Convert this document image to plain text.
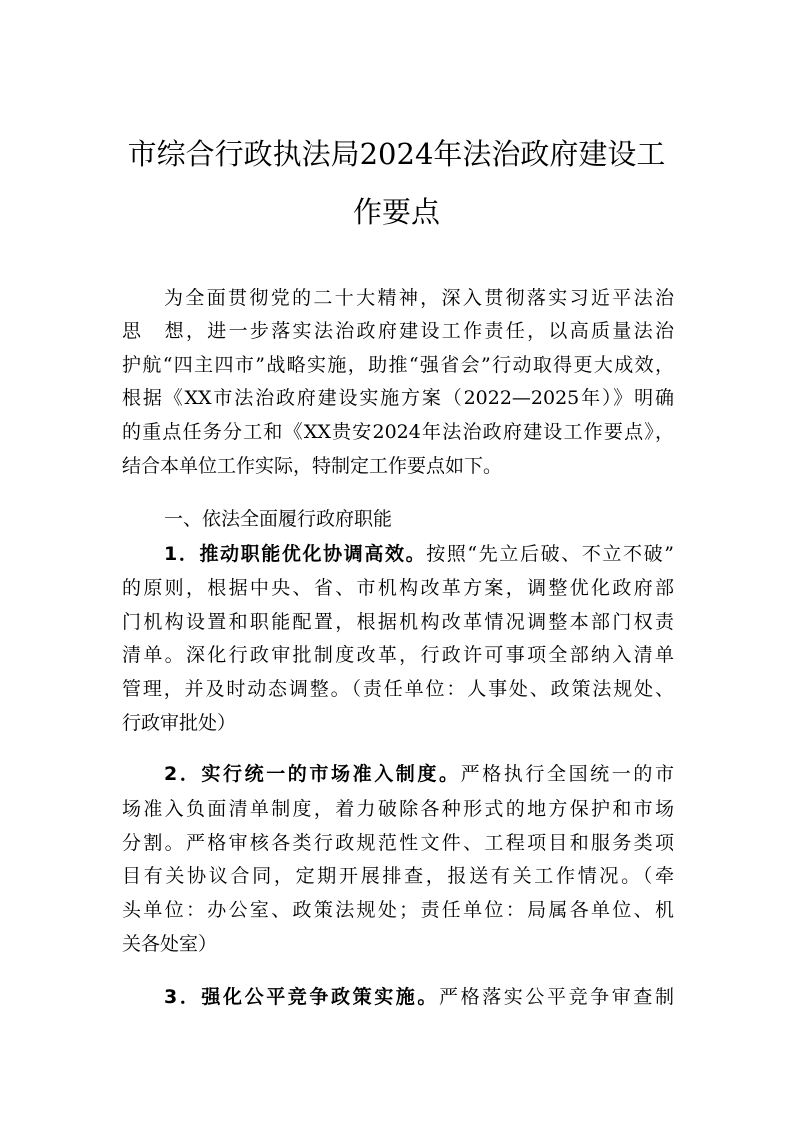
市综合行政执法局2024年法治政府建设工
作要点
为全面贯彻党的二十大精神，深入贯彻落实习近平法治
思　想，进一步落实法治政府建设工作责任，以高质量法治
护航“四主四市”战略实施，助推“强省会”行动取得更大成效，
根据《XX市法治政府建设实施方案（2022—2025年）》明确
的重点任务分工和《XX贵安2024年法治政府建设工作要点》，
结合本单位工作实际，特制定工作要点如下。
一、依法全面履行政府职能
1．推动职能优化协调高效。按照“先立后破、不立不破”
的原则，根据中央、省、市机构改革方案，调整优化政府部
门机构设置和职能配置，根据机构改革情况调整本部门权责
清单。深化行政审批制度改革，行政许可事项全部纳入清单
管理，并及时动态调整。（责任单位：人事处、政策法规处、
行政审批处）
2．实行统一的市场准入制度。严格执行全国统一的市
场准入负面清单制度，着力破除各种形式的地方保护和市场
分割。严格审核各类行政规范性文件、工程项目和服务类项
目有关协议合同，定期开展排查，报送有关工作情况。（牵
头单位：办公室、政策法规处；责任单位：局属各单位、机
关各处室）
3．强化公平竞争政策实施。严格落实公平竞争审查制
